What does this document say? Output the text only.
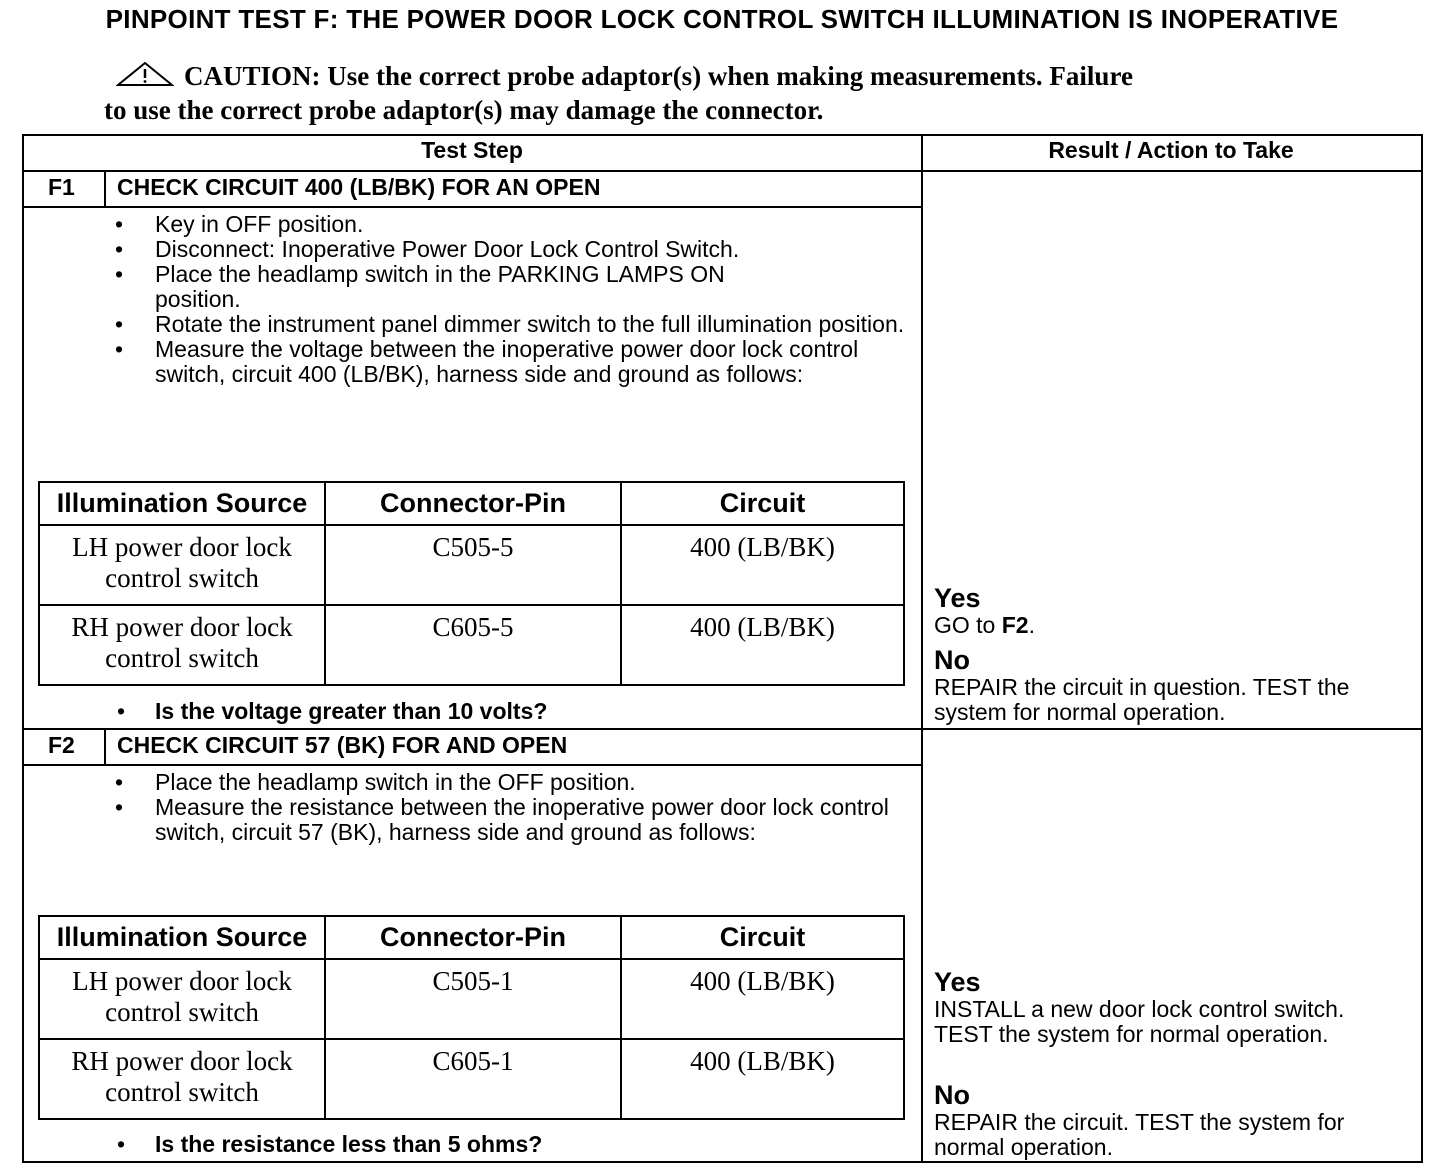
PINPOINT TEST F: THE POWER DOOR LOCK CONTROL SWITCH ILLUMINATION IS INOPERATIVE
CAUTION: Use the correct probe adaptor(s) when making measurements. Failure
to use the correct probe adaptor(s) may damage the connector.
Test Step	Result / Action to Take
F1 CHECK CIRCUIT 400 (LB/BK) FOR AN OPEN
• Key in OFF position.
• Disconnect: Inoperative Power Door Lock Control Switch.
• Place the headlamp switch in the PARKING LAMPS ON position.
• Rotate the instrument panel dimmer switch to the full illumination position.
• Measure the voltage between the inoperative power door lock control switch, circuit 400 (LB/BK), harness side and ground as follows:
Illumination Source	Connector-Pin	Circuit
LH power door lock control switch	C505-5	400 (LB/BK)
RH power door lock control switch	C605-5	400 (LB/BK)
• Is the voltage greater than 10 volts?
Yes
GO to F2.
No
REPAIR the circuit in question. TEST the system for normal operation.
F2 CHECK CIRCUIT 57 (BK) FOR AND OPEN
• Place the headlamp switch in the OFF position.
• Measure the resistance between the inoperative power door lock control switch, circuit 57 (BK), harness side and ground as follows:
Illumination Source	Connector-Pin	Circuit
LH power door lock control switch	C505-1	400 (LB/BK)
RH power door lock control switch	C605-1	400 (LB/BK)
• Is the resistance less than 5 ohms?
Yes
INSTALL a new door lock control switch. TEST the system for normal operation.
No
REPAIR the circuit. TEST the system for normal operation.
